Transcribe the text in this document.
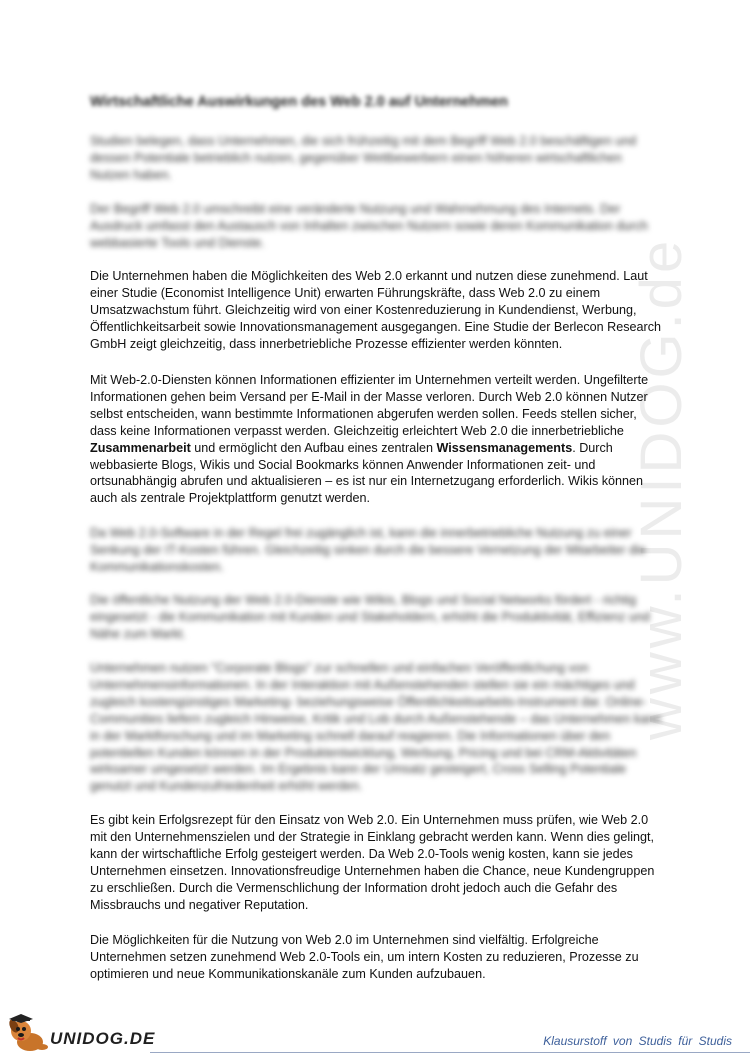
www.UNIDOG.de
Wirtschaftliche Auswirkungen des Web 2.0 auf Unternehmen

Studien belegen, dass Unternehmen, die sich frühzeitig mit dem Begriff Web 2.0 beschäftigen und dessen Potentiale betrieblich nutzen, gegenüber Wettbewerbern einen höheren wirtschaftlichen Nutzen haben.

Der Begriff Web 2.0 umschreibt eine veränderte Nutzung und Wahrnehmung des Internets. Der Ausdruck umfasst den Austausch von Inhalten zwischen Nutzern sowie deren Kommunikation durch webbasierte Tools und Dienste.

Die Unternehmen haben die Möglichkeiten des Web 2.0 erkannt und nutzen diese zunehmend. Laut einer Studie (Economist Intelligence Unit) erwarten Führungskräfte, dass Web 2.0 zu einem Umsatzwachstum führt. Gleichzeitig wird von einer Kostenreduzierung in Kundendienst, Werbung, Öffentlichkeitsarbeit sowie Innovationsmanagement ausgegangen. Eine Studie der Berlecon Research GmbH zeigt gleichzeitig, dass innerbetriebliche Prozesse effizienter werden könnten.

Mit Web-2.0-Diensten können Informationen effizienter im Unternehmen verteilt werden. Ungefilterte Informationen gehen beim Versand per E-Mail in der Masse verloren. Durch Web 2.0 können Nutzer selbst entscheiden, wann bestimmte Informationen abgerufen werden sollen. Feeds stellen sicher, dass keine Informationen verpasst werden. Gleichzeitig erleichtert Web 2.0 die innerbetriebliche Zusammenarbeit und ermöglicht den Aufbau eines zentralen Wissensmanagements. Durch webbasierte Blogs, Wikis und Social Bookmarks können Anwender Informationen zeit- und ortsunabhängig abrufen und aktualisieren – es ist nur ein Internetzugang erforderlich. Wikis können auch als zentrale Projektplattform genutzt werden.

Da Web 2.0-Software in der Regel frei zugänglich ist, kann die innerbetriebliche Nutzung zu einer Senkung der IT-Kosten führen. Gleichzeitig sinken durch die bessere Vernetzung der Mitarbeiter die Kommunikationskosten.

Die öffentliche Nutzung der Web 2.0-Dienste wie Wikis, Blogs und Social Networks fördert - richtig eingesetzt - die Kommunikation mit Kunden und Stakeholdern, erhöht die Produktivität, Effizienz und Nähe zum Markt.

Unternehmen nutzen "Corporate Blogs" zur schnellen und einfachen Veröffentlichung von Unternehmensinformationen. In der Interaktion mit Außenstehenden stellen sie ein mächtiges und zugleich kostengünstiges Marketing- beziehungsweise Öffentlichkeitsarbeits-Instrument dar. Online-Communities liefern zugleich Hinweise, Kritik und Lob durch Außenstehende – das Unternehmen kann in der Marktforschung und im Marketing schnell darauf reagieren. Die Informationen über den potentiellen Kunden können in der Produktentwicklung, Werbung, Pricing und bei CRM-Aktivitäten wirksamer umgesetzt werden. Im Ergebnis kann der Umsatz gesteigert, Cross Selling Potentiale genutzt und Kundenzufriedenheit erhöht werden.

Es gibt kein Erfolgsrezept für den Einsatz von Web 2.0. Ein Unternehmen muss prüfen, wie Web 2.0 mit den Unternehmenszielen und der Strategie in Einklang gebracht werden kann. Wenn dies gelingt, kann der wirtschaftliche Erfolg gesteigert werden. Da Web 2.0-Tools wenig kosten, kann sie jedes Unternehmen einsetzen. Innovationsfreudige Unternehmen haben die Chance, neue Kundengruppen zu erschließen. Durch die Vermenschlichung der Information droht jedoch auch die Gefahr des Missbrauchs und negativer Reputation.

Die Möglichkeiten für die Nutzung von Web 2.0 im Unternehmen sind vielfältig. Erfolgreiche Unternehmen setzen zunehmend Web 2.0-Tools ein, um intern Kosten zu reduzieren, Prozesse zu optimieren und neue Kommunikationskanäle zum Kunden aufzubauen.

UNIDOG.DE	Klausurstoff von Studis für Studis
